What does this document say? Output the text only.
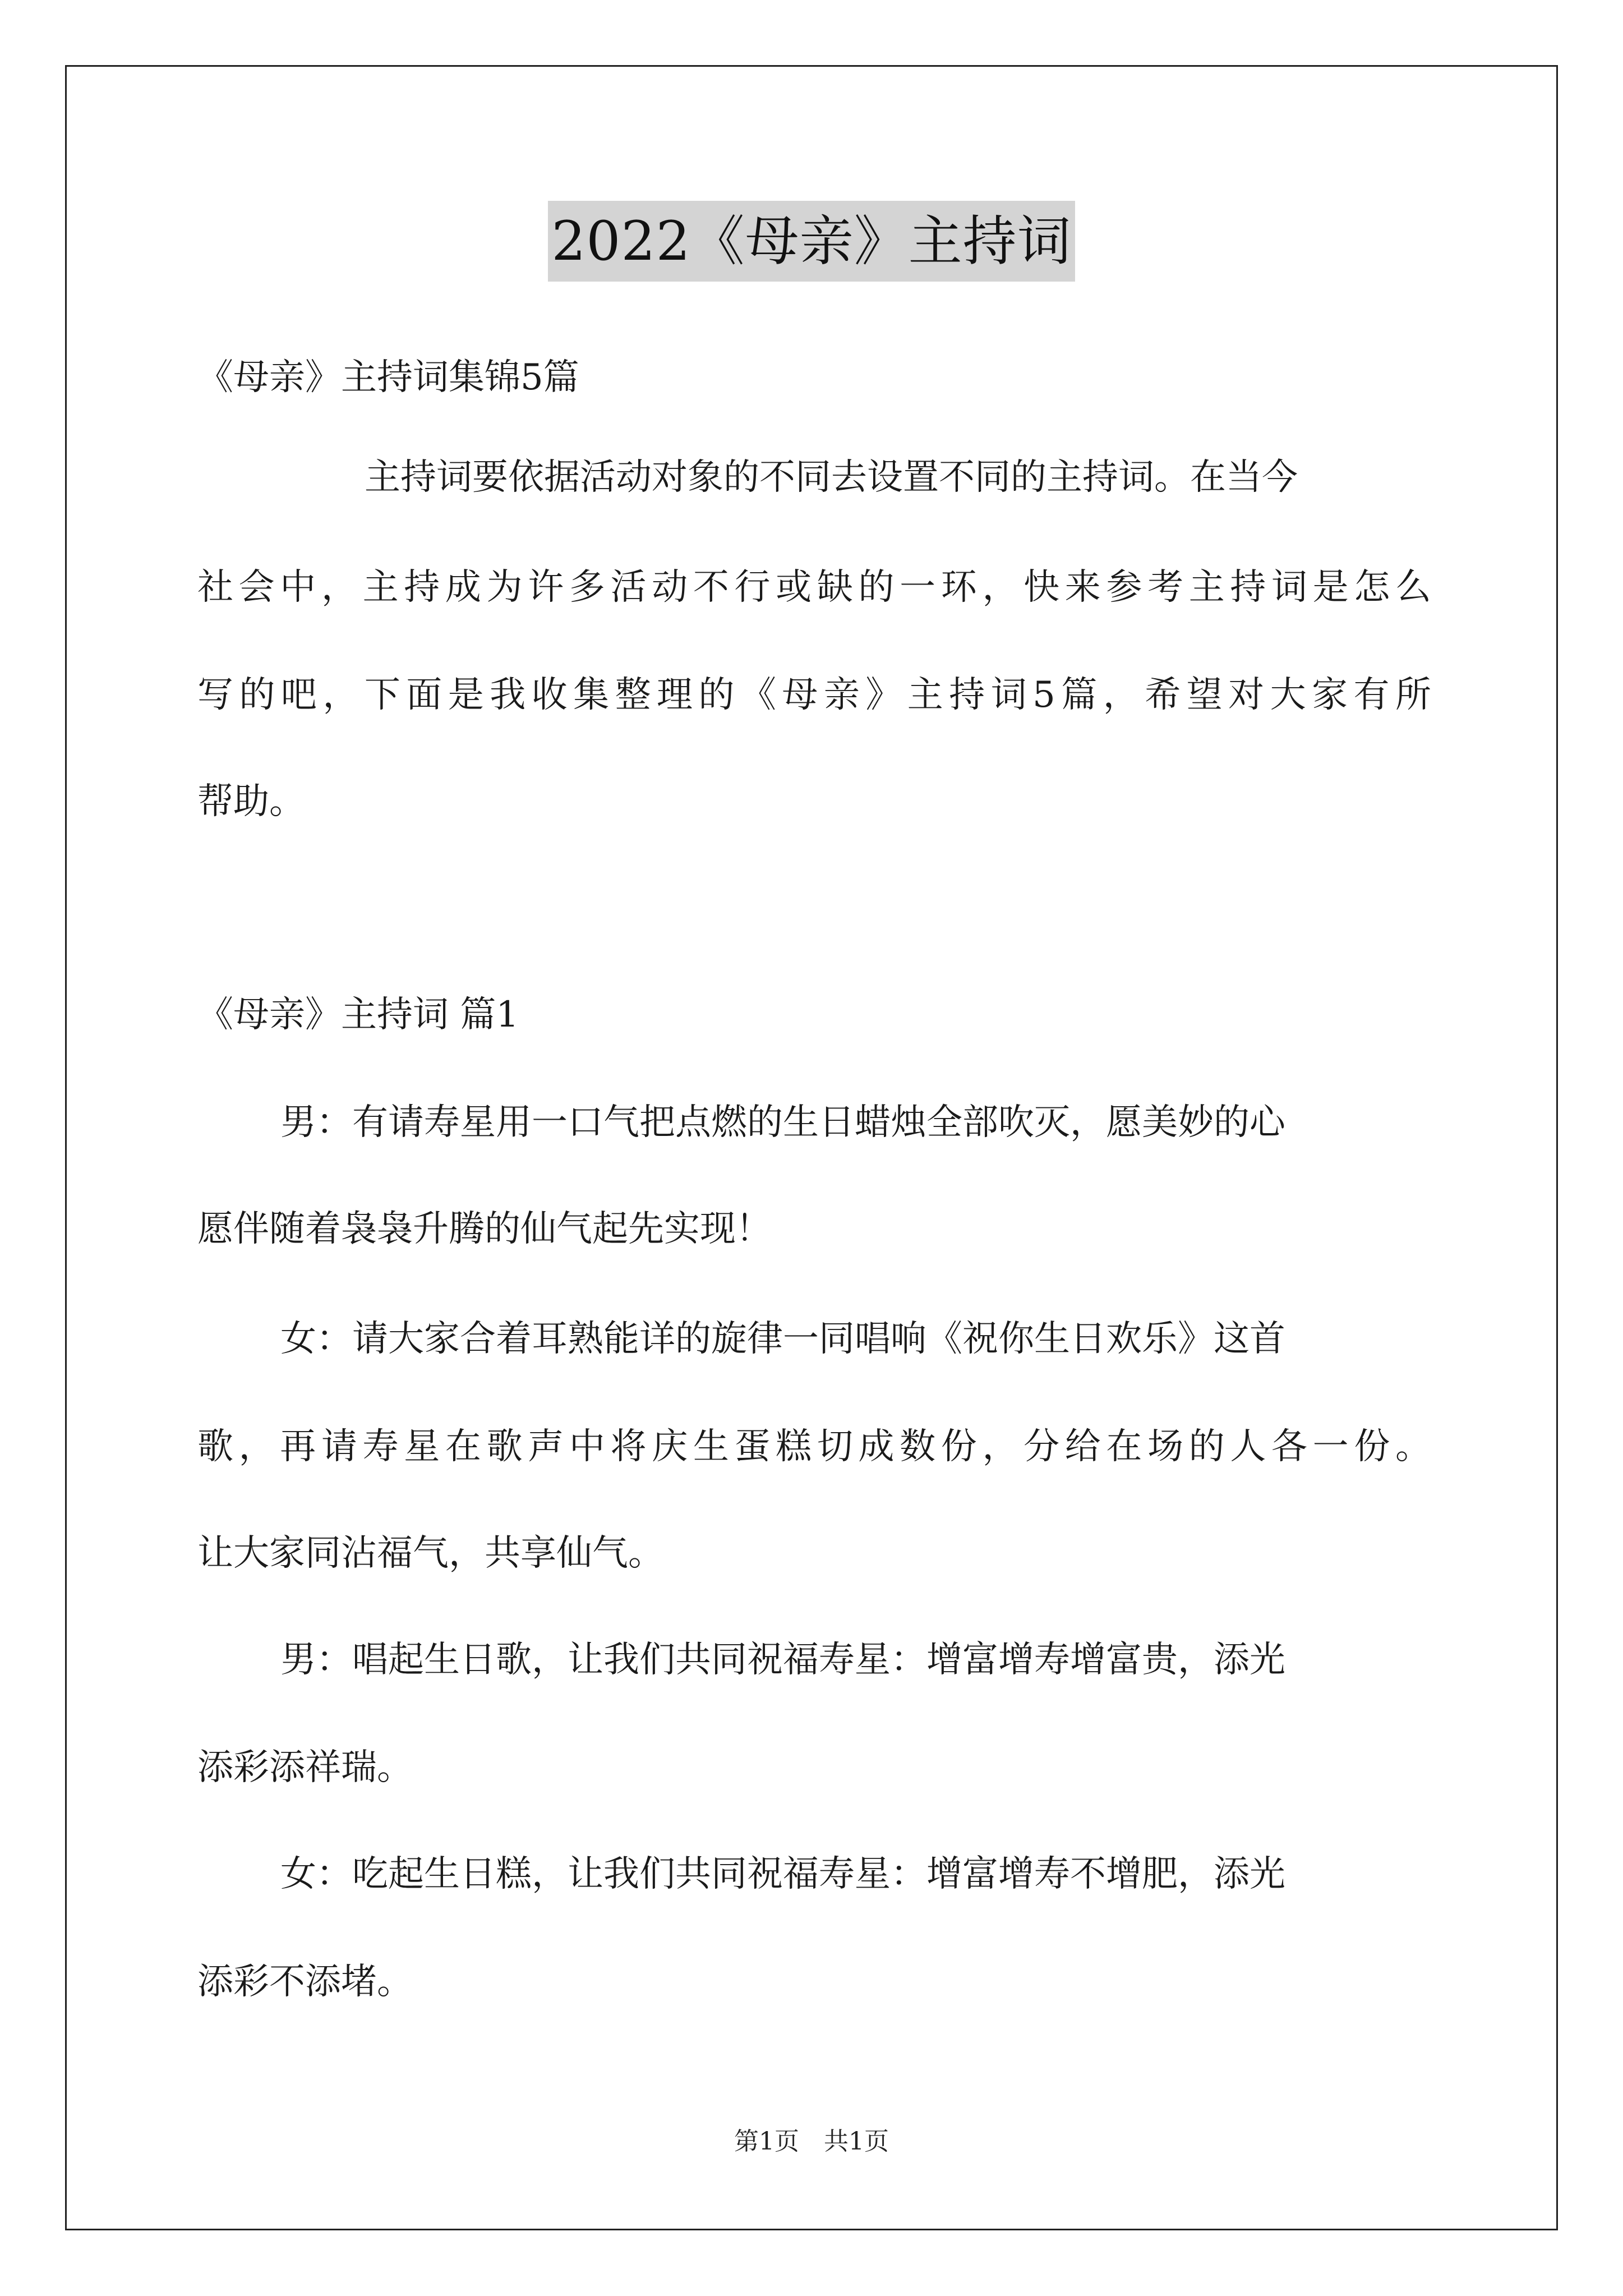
2022《母亲》主持词
《母亲》主持词集锦5篇
主持词要依据活动对象的不同去设置不同的主持词。在当今
社会中，主持成为许多活动不行或缺的一环，快来参考主持词是怎么
写的吧，下面是我收集整理的《母亲》主持词5篇，希望对大家有所
帮助。
《母亲》主持词 篇1
男：有请寿星用一口气把点燃的生日蜡烛全部吹灭，愿美妙的心
愿伴随着袅袅升腾的仙气起先实现！
女：请大家合着耳熟能详的旋律一同唱响《祝你生日欢乐》这首
歌，再请寿星在歌声中将庆生蛋糕切成数份，分给在场的人各一份。
让大家同沾福气，共享仙气。
男：唱起生日歌，让我们共同祝福寿星：增富增寿增富贵，添光
添彩添祥瑞。
女：吃起生日糕，让我们共同祝福寿星：增富增寿不增肥，添光
添彩不添堵。
第1页　共1页
